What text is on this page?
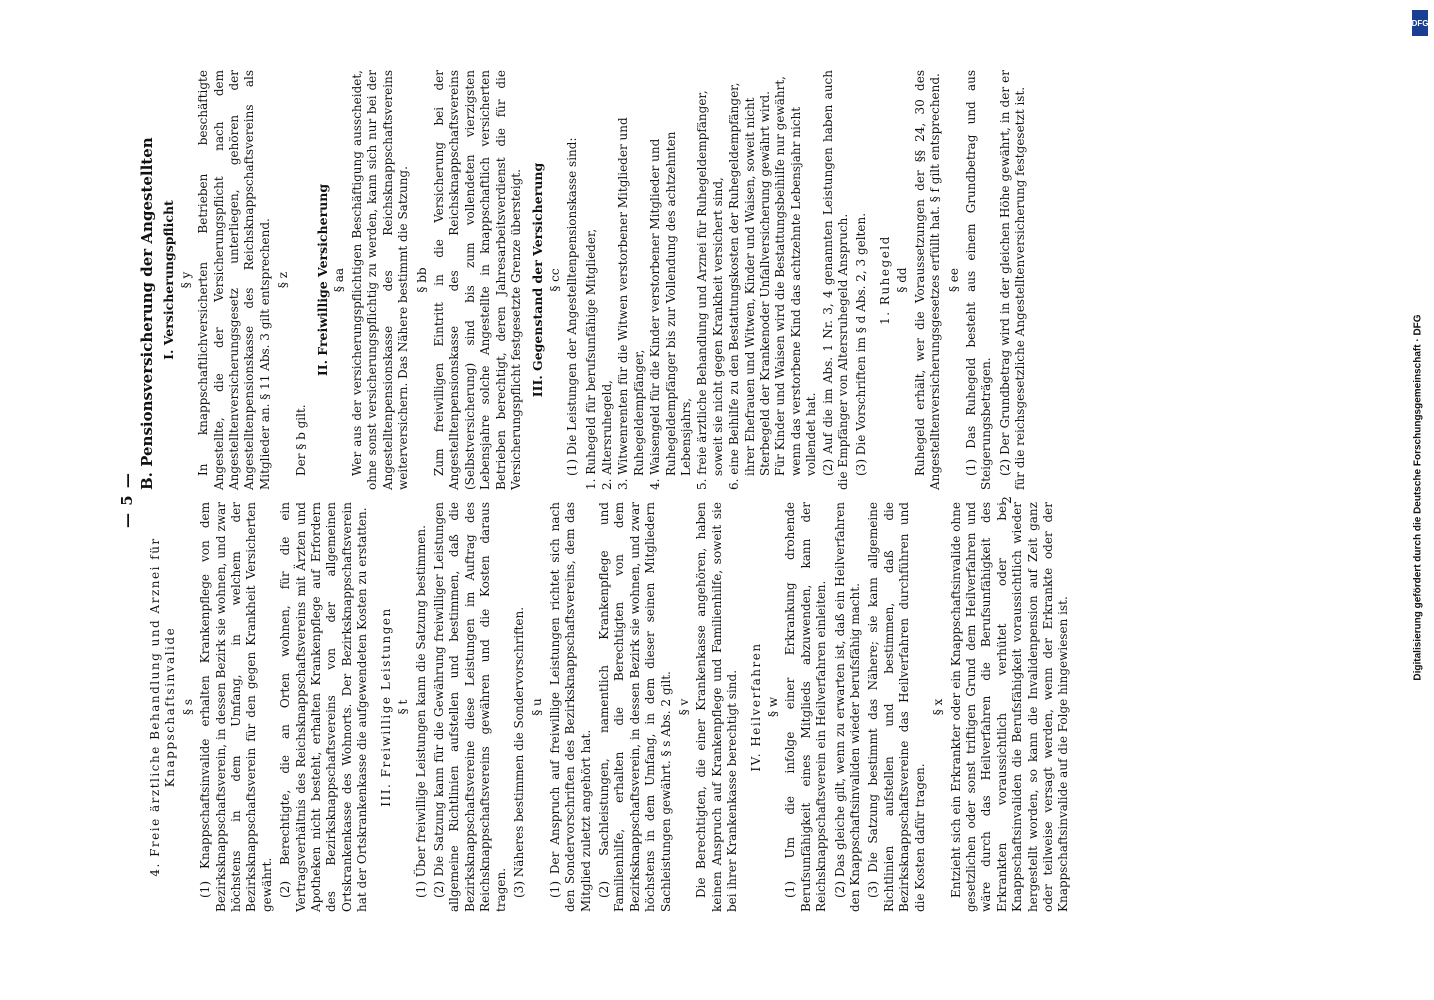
— 5 —
4. Freie ärztliche Behandlung und Arznei für Knappschaftsinvalide § s (1) Knappschaftsinvalide erhalten Krankenpflege von dem Bezirksknappschaftsverein, in dessen Bezirk sie wohnen, und zwar höchstens in dem Umfang, in welchem der Bezirksknappschaftsverein für den gegen Krankheit Versicherten gewährt. (2) Berechtigte, die an Orten wohnen, für die ein Vertragsverhältnis des Reichsknappschaftsvereins mit Ärzten und Apotheken nicht besteht, erhalten Krankenpflege auf Erfordern des Bezirksknappschaftsvereins von der allgemeinen Ortskrankenkasse des Wohnorts. Der Bezirksknappschaftsverein hat der Ortskrankenkasse die aufgewendeten Kosten zu erstatten. III. Freiwillige Leistungen § t (1) Über freiwillige Leistungen kann die Satzung bestimmen. (2) Die Satzung kann für die Gewährung freiwilliger Leistungen allgemeine Richtlinien aufstellen und bestimmen, daß die Bezirksknappschaftsvereine diese Leistungen im Auftrag des Reichsknappschaftsvereins gewähren und die Kosten daraus tragen. (3) Näheres bestimmen die Sondervorschriften. § u (1) Der Anspruch auf freiwillige Leistungen richtet sich nach den Sondervorschriften des Bezirksknappschaftsvereins, dem das Mitglied zuletzt angehört hat. (2) Sachleistungen, namentlich Krankenpflege und Familienhilfe, erhalten die Berechtigten von dem Bezirksknappschaftsverein, in dessen Bezirk sie wohnen, und zwar höchstens in dem Umfang, in dem dieser seinen Mitgliedern Sachleistungen gewährt. § s Abs. 2 gilt. § v Die Berechtigten, die einer Krankenkasse angehören, haben keinen Anspruch auf Krankenpflege und Familienhilfe, soweit sie bei ihrer Krankenkasse berechtigt sind. IV. Heilverfahren § w (1) Um die infolge einer Erkrankung drohende Berufsunfähigkeit eines Mitglieds abzuwenden, kann der Reichsknappschaftsverein ein Heilverfahren einleiten. (2) Das gleiche gilt, wenn zu erwarten ist, daß ein Heilverfahren den Knappschaftsinvaliden wieder berufsfähig macht. (3) Die Satzung bestimmt das Nähere; sie kann allgemeine Richtlinien aufstellen und bestimmen, daß die Bezirksknappschaftsvereine das Heilverfahren durchführen und die Kosten dafür tragen.

§ x Entzieht sich ein Erkrankter oder ein Knappschaftsinvalide ohne gesetzlichen oder sonst triftigen Grund dem Heilverfahren und wäre durch das Heilverfahren die Berufsunfähigkeit des Erkrankten voraussichtlich verhütet oder bei Knappschaftsinvaliden die Berufsfähigkeit voraussichtlich wieder hergestellt worden, so kann die Invalidenpension auf Zeit ganz oder teilweise versagt werden, wenn der Erkrankte oder der Knappschaftsinvalide auf die Folge hingewiesen ist.

B. Pensionsversicherung der Angestellten I. Versicherungspflicht § y In knappschaftlichversicherten Betrieben beschäftigte Angestellte, die der Versicherungspflicht nach dem Angestelltenversicherungsgesetz unterliegen, gehören der Angestelltenpensionskasse des Reichsknappschaftsvereins als Mitglieder an. § 11 Abs. 3 gilt entsprechend. § z

Der § b gilt.

II. Freiwillige Versicherung § aa Wer aus der versicherungspflichtigen Beschäftigung ausscheidet, ohne sonst versicherungspflichtig zu werden, kann sich nur bei der Angestelltenpensionskasse des Reichsknappschaftsvereins weiterversichern. Das Nähere bestimmt die Satzung. § bb Zum freiwilligen Eintritt in die Versicherung bei der Angestelltenpensionskasse des Reichsknappschaftsvereins (Selbstversicherung) sind bis zum vollendeten vierzigsten Lebensjahre solche Angestellte in knappschaftlich versicherten Betrieben berechtigt, deren Jahresarbeitsverdienst die für die Versicherungspflicht festgesetzte Grenze übersteigt. III. Gegenstand der Versicherung § cc (1) Die Leistungen der Angestelltenpensionskasse sind: 1. Ruhegeld für berufsunfähige Mitglieder, 2. Altersruhegeld, 3. Witwenrenten für die Witwen verstorbener Mitglieder und Ruhegeldempfänger, 4. Waisengeld für die Kinder verstorbener Mitglieder und Ruhegeldempfänger bis zur Vollendung des achtzehnten Lebensjahrs, 5. freie ärztliche Behandlung und Arznei für Ruhegeldempfänger, soweit sie nicht gegen Krankheit versichert sind, 6. eine Beihilfe zu den Bestattungskosten der Ruhegeldempfänger, ihrer Ehefrauen und Witwen, Kinder und Waisen, soweit nicht Sterbegeld der Krankenoder Unfallversicherung gewährt wird. Für Kinder und Waisen wird die Bestattungsbeihilfe nur gewährt, wenn das verstorbene Kind das achtzehnte Lebensjahr nicht vollendet hat. (2) Auf die im Abs. 1 Nr. 3, 4 genannten Leistungen haben auch die Empfänger von Altersruhegeld Anspruch. (3) Die Vorschriften im § d Abs. 2, 3 gelten. 1. Ruhegeld § dd Ruhegeld erhält, wer die Voraussetzungen der §§ 24, 30 des Angestelltenversicherungsgesetzes erfüllt hat. § f gilt entsprechend. § ee (1) Das Ruhegeld besteht aus einem Grundbetrag und aus Steigerungsbeträgen. (2) Der Grundbetrag wird in der gleichen Höhe gewährt, in der er für die reichsgesetzliche Angestelltenversicherung festgesetzt ist.

2	Digitalisierung gefördert durch die Deutsche Forschungsgemeinschaft · DFG
DFG
